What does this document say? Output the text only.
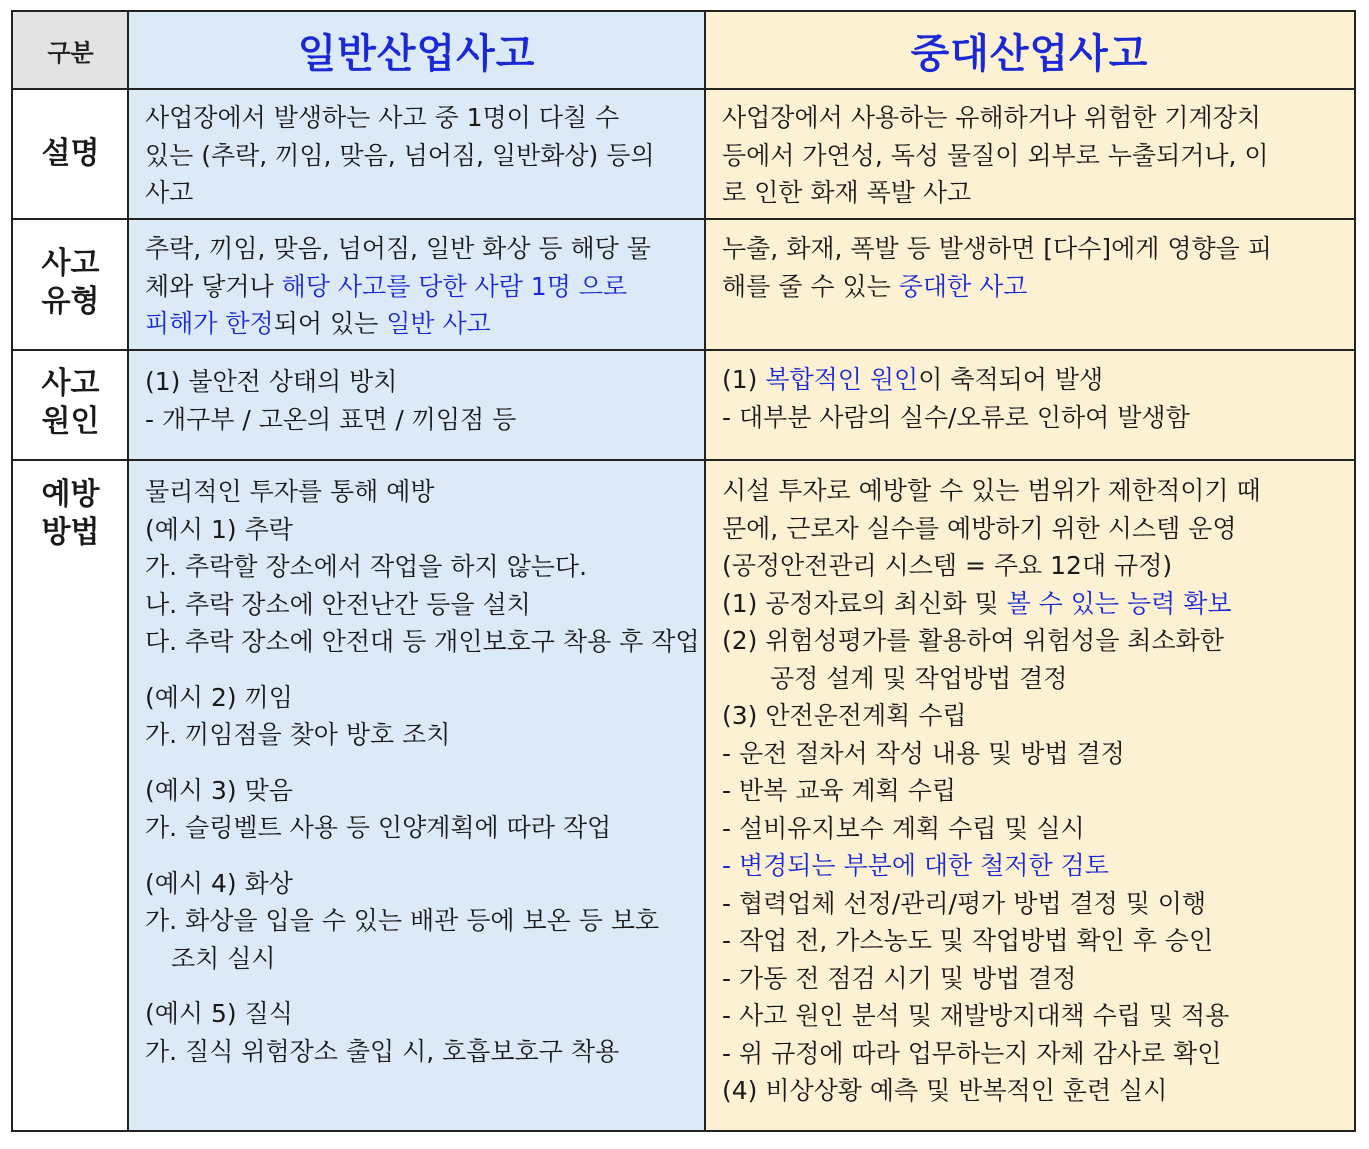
구분	일반산업사고	중대산업사고
설명
사업장에서 발생하는 사고 중 1명이 다칠 수
있는 (추락, 끼임, 맞음, 넘어짐, 일반화상) 등의
사고
사업장에서 사용하는 유해하거나 위험한 기계장치
등에서 가연성, 독성 물질이 외부로 누출되거나, 이
로 인한 화재 폭발 사고
사고
유형
추락, 끼임, 맞음, 넘어짐, 일반 화상 등 해당 물
체와 닿거나 해당 사고를 당한 사람 1명 으로
피해가 한정되어 있는 일반 사고
누출, 화재, 폭발 등 발생하면 [다수]에게 영향을 피
해를 줄 수 있는 중대한 사고
사고
원인
(1) 불안전 상태의 방치
- 개구부 / 고온의 표면 / 끼임점 등
(1) 복합적인 원인이 축적되어 발생
- 대부분 사람의 실수/오류로 인하여 발생함
예방
방법
물리적인 투자를 통해 예방
(예시 1) 추락
가. 추락할 장소에서 작업을 하지 않는다.
나. 추락 장소에 안전난간 등을 설치
다. 추락 장소에 안전대 등 개인보호구 착용 후 작업
(예시 2) 끼임
가. 끼임점을 찾아 방호 조치
(예시 3) 맞음
가. 슬링벨트 사용 등 인양계획에 따라 작업
(예시 4) 화상
가. 화상을 입을 수 있는 배관 등에 보온 등 보호
조치 실시
(예시 5) 질식
가. 질식 위험장소 출입 시, 호흡보호구 착용
시설 투자로 예방할 수 있는 범위가 제한적이기 때
문에, 근로자 실수를 예방하기 위한 시스템 운영
(공정안전관리 시스템 = 주요 12대 규정)
(1) 공정자료의 최신화 및 볼 수 있는 능력 확보
(2) 위험성평가를 활용하여 위험성을 최소화한
공정 설계 및 작업방법 결정
(3) 안전운전계획 수립
- 운전 절차서 작성 내용 및 방법 결정
- 반복 교육 계획 수립
- 설비유지보수 계획 수립 및 실시
- 변경되는 부분에 대한 철저한 검토
- 협력업체 선정/관리/평가 방법 결정 및 이행
- 작업 전, 가스농도 및 작업방법 확인 후 승인
- 가동 전 점검 시기 및 방법 결정
- 사고 원인 분석 및 재발방지대책 수립 및 적용
- 위 규정에 따라 업무하는지 자체 감사로 확인
(4) 비상상황 예측 및 반복적인 훈련 실시
